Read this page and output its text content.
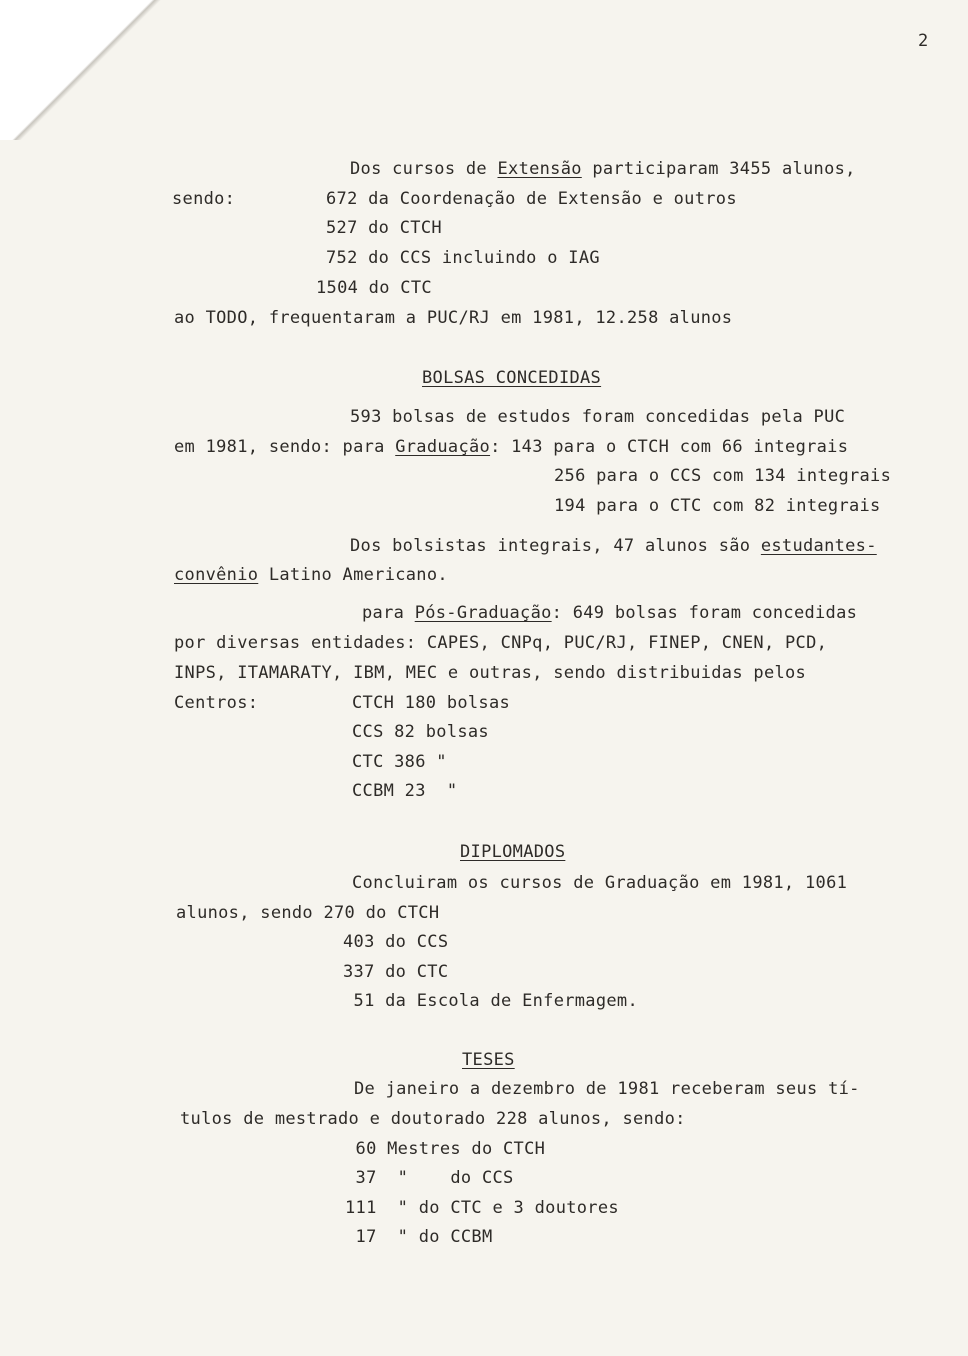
2
Dos cursos de Extensão participaram 3455 alunos,
sendo:	672 da Coordenação de Extensão e outros
527 do CTCH
752 do CCS incluindo o IAG
1504 do CTC
ao TODO, frequentaram a PUC/RJ em 1981, 12.258 alunos
BOLSAS CONCEDIDAS
593 bolsas de estudos foram concedidas pela PUC
em 1981, sendo: para Graduação: 143 para o CTCH com 66 integrais
256 para o CCS com 134 integrais
194 para o CTC com 82 integrais
Dos bolsistas integrais, 47 alunos são estudantes-
convênio Latino Americano.
para Pós-Graduação: 649 bolsas foram concedidas
por diversas entidades: CAPES, CNPq, PUC/RJ, FINEP, CNEN, PCD,
INPS, ITAMARATY, IBM, MEC e outras, sendo distribuidas pelos
Centros:	CTCH 180 bolsas
CCS 82 bolsas
CTC 386 "
CCBM 23  "
DIPLOMADOS
Concluiram os cursos de Graduação em 1981, 1061
alunos, sendo 270 do CTCH
403 do CCS
337 do CTC
51 da Escola de Enfermagem.
TESES
De janeiro a dezembro de 1981 receberam seus tí-
tulos de mestrado e doutorado 228 alunos, sendo:
60 Mestres do CTCH
37  "    do CCS
111  " do CTC e 3 doutores
17  " do CCBM
